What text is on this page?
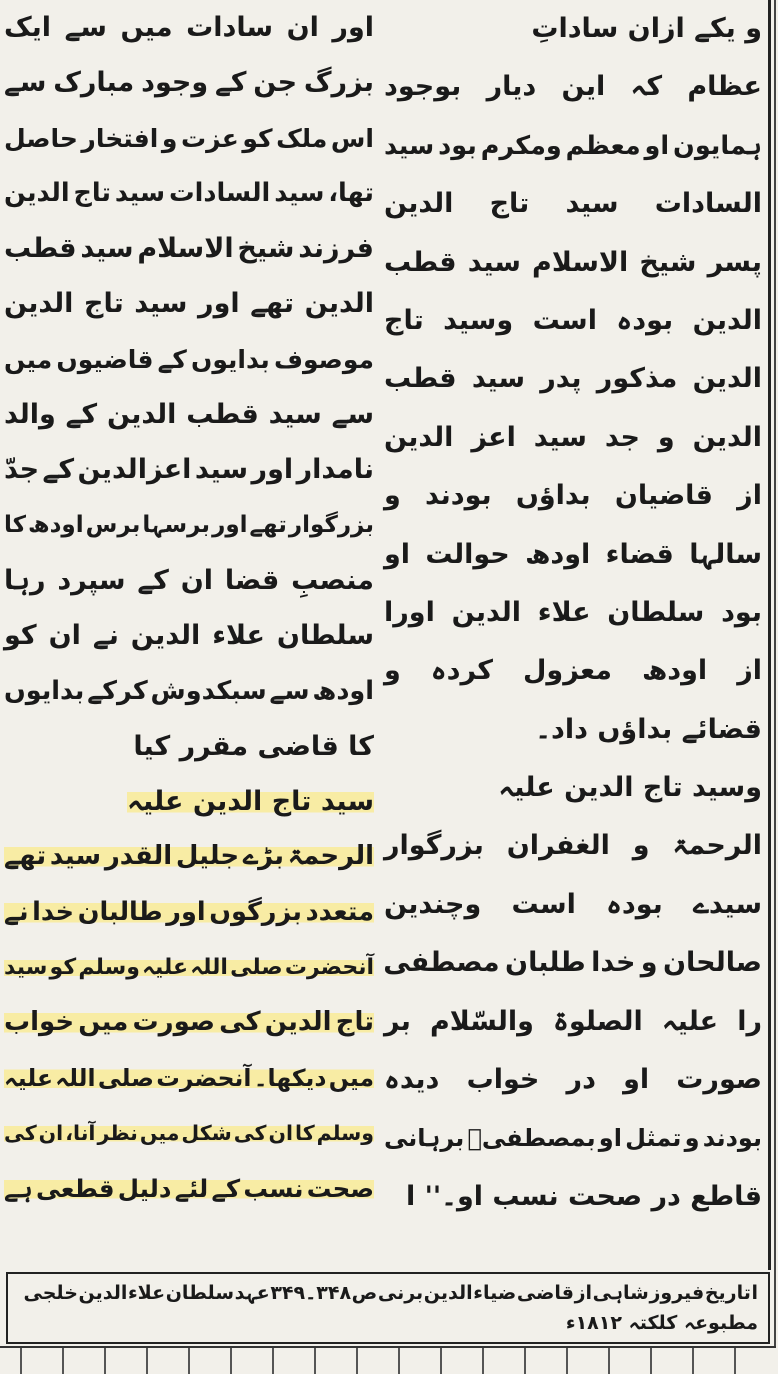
و یکے ازان ساداتِ
عظام کہ این دیار بوجود
ہمایون او معظم ومکرم بود سید
السادات سید تاج الدین
پسر شیخ الاسلام سید قطب
الدین بودہ است وسید تاج
الدین مذکور پدر سید قطب
الدین و جد سید اعز الدین
از قاضیان بداؤں بودند و
سالہا قضاء اودھ حوالت او
بود سلطان علاء الدین اورا
از اودھ معزول کردہ و
قضائے بداؤں داد۔
وسید تاج الدین علیہ
الرحمۃ و الغفران بزرگوار
سیدے بودہ است وچندین
صالحان و خدا طلبان مصطفی
را علیہ الصلوۃ والسّلام بر
صورت او در خواب دیدہ
بودند و تمثل او بمصطفیؐ برہانی
قاطع در صحت نسب او۔'' ا
اور ان سادات میں سے ایک
بزرگ جن کے وجود مبارک سے
اس ملک کو عزت و افتخار حاصل
تھا، سید السادات سید تاج الدین
فرزند شیخ الاسلام سید قطب
الدین تھے اور سید تاج الدین
موصوف بدایوں کے قاضیوں میں
سے سید قطب الدین کے والد
نامدار اور سید اعزالدین کے جدّ
بزرگوار تھے اور برسہا برس اودھ کا
منصبِ قضا ان کے سپرد رہا
سلطان علاء الدین نے ان کو
اودھ سے سبکدوش کرکے بدایوں
کا قاضی مقرر کیا
سید تاج الدین علیہ
الرحمۃ بڑے جلیل القدر سید تھے
متعدد بزرگوں اور طالبان خدا نے
آنحضرت صلی اللہ علیہ وسلم کو سید
تاج الدین کی صورت میں خواب
میں دیکھا۔ آنحضرت صلی اللہ علیہ
وسلم کا ان کی شکل میں نظر آنا، ان کی
صحت نسب کے لئے دلیل قطعی ہے
ا تاریخ فیروز شاہی از قاضی ضیاء الدین برنی ص ۳۴۸۔۳۴۹ عہد سلطان علاء الدین خلجی
مطبوعہ کلکتہ ۱۸۱۲ء
